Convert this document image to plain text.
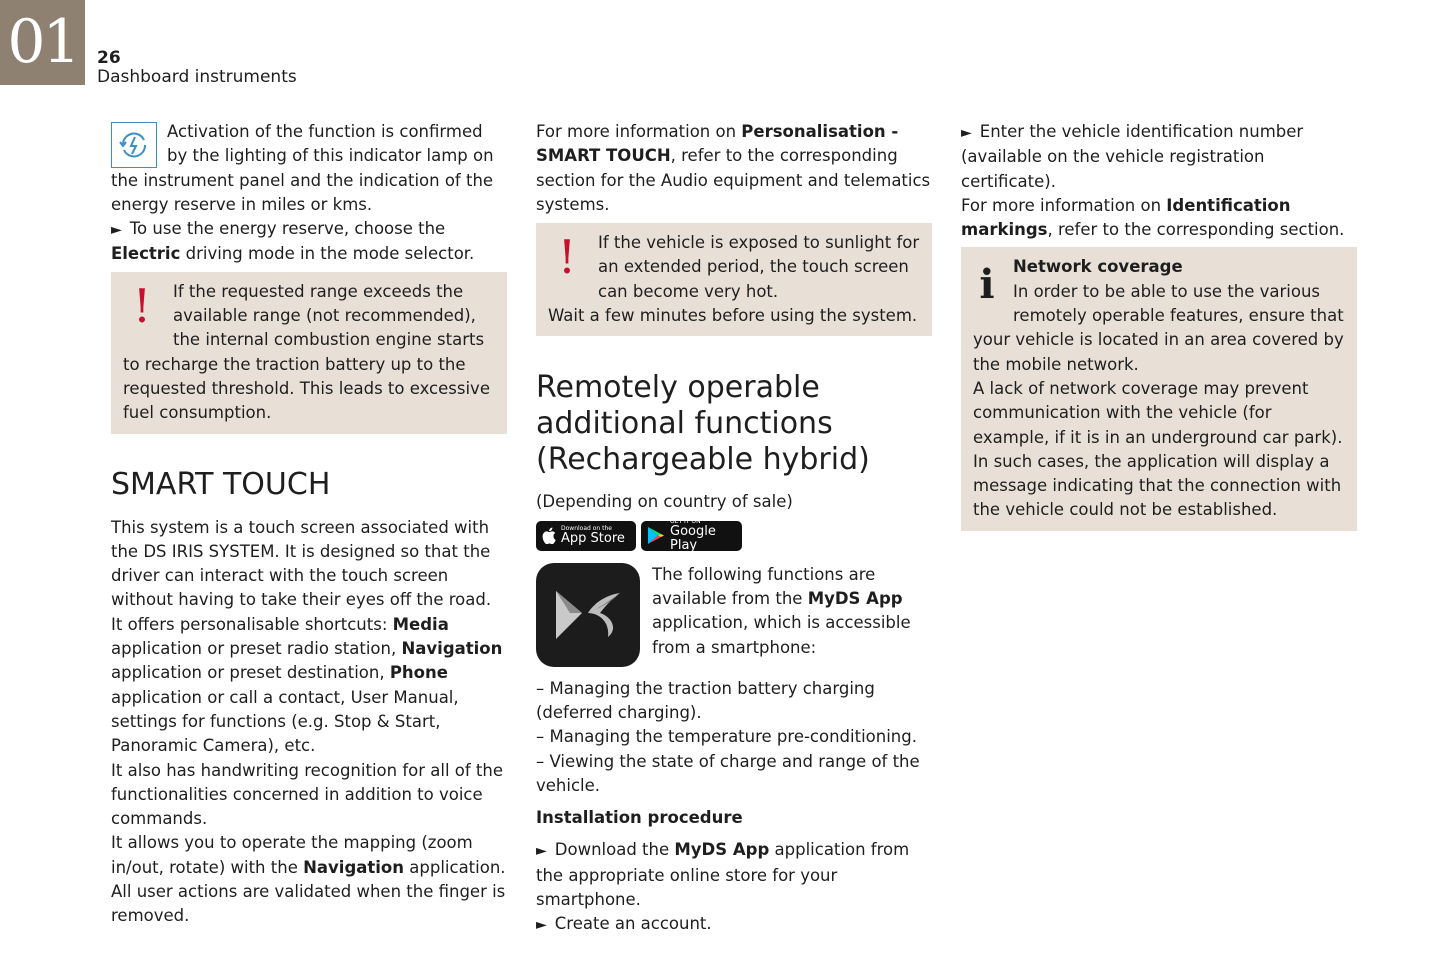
01	26
Dashboard instruments

Activation of the function is confirmed by the lighting of this indicator lamp on the instrument panel and the indication of the energy reserve in miles or kms.

► To use the energy reserve, choose the Electric driving mode in the mode selector.

!	If the requested range exceeds the available range (not recommended), the internal combustion engine starts to recharge the traction battery up to the requested threshold. This leads to excessive fuel consumption.
SMART TOUCH

This system is a touch screen associated with the DS IRIS SYSTEM. It is designed so that the driver can interact with the touch screen without having to take their eyes off the road.

It offers personalisable shortcuts: Media application or preset radio station, Navigation application or preset destination, Phone application or call a contact, User Manual, settings for functions (e.g. Stop & Start, Panoramic Camera), etc.

It also has handwriting recognition for all of the functionalities concerned in addition to voice commands.

It allows you to operate the mapping (zoom in/out, rotate) with the Navigation application.

All user actions are validated when the finger is removed.

For more information on Personalisation - SMART TOUCH, refer to the corresponding section for the Audio equipment and telematics systems.

!	If the vehicle is exposed to sunlight for an extended period, the touch screen can become very hot.
Wait a few minutes before using the system.
Remotely operable additional functions (Rechargeable hybrid)

(Depending on country of sale)

Download on the
App Store
GET IT ON
Google Play

The following functions are available from the MyDS App application, which is accessible from a smartphone:

– Managing the traction battery charging (deferred charging).

– Managing the temperature pre-conditioning.

– Viewing the state of charge and range of the vehicle.

Installation procedure

► Download the MyDS App application from the appropriate online store for your smartphone.

► Create an account.

► Enter the vehicle identification number (available on the vehicle registration certificate).

For more information on Identification markings, refer to the corresponding section.

i	Network coverage
In order to be able to use the various remotely operable features, ensure that your vehicle is located in an area covered by the mobile network.
A lack of network coverage may prevent communication with the vehicle (for example, if it is in an underground car park). In such cases, the application will display a message indicating that the connection with the vehicle could not be established.
